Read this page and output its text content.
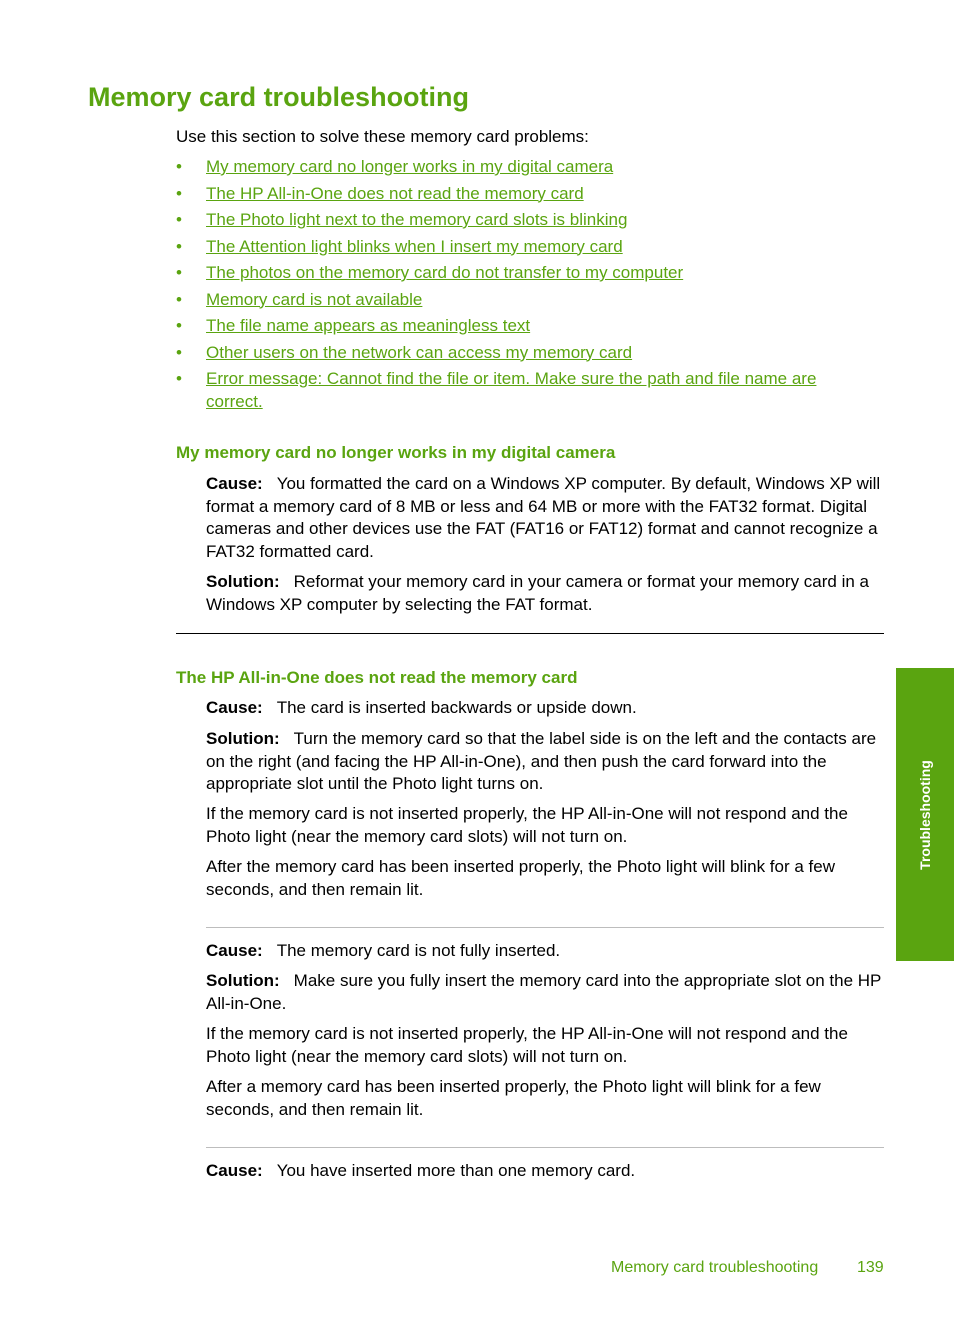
Memory card troubleshooting
Use this section to solve these memory card problems:
• My memory card no longer works in my digital camera
• The HP All-in-One does not read the memory card
• The Photo light next to the memory card slots is blinking
• The Attention light blinks when I insert my memory card
• The photos on the memory card do not transfer to my computer
• Memory card is not available
• The file name appears as meaningless text
• Other users on the network can access my memory card
• Error message: Cannot find the file or item. Make sure the path and file name are correct.
My memory card no longer works in my digital camera

Cause: You formatted the card on a Windows XP computer. By default, Windows XP will format a memory card of 8 MB or less and 64 MB or more with the FAT32 format. Digital cameras and other devices use the FAT (FAT16 or FAT12) format and cannot recognize a FAT32 formatted card.

Solution: Reformat your memory card in your camera or format your memory card in a Windows XP computer by selecting the FAT format.

The HP All-in-One does not read the memory card

Cause: The card is inserted backwards or upside down.

Solution: Turn the memory card so that the label side is on the left and the contacts are on the right (and facing the HP All-in-One), and then push the card forward into the appropriate slot until the Photo light turns on.

If the memory card is not inserted properly, the HP All-in-One will not respond and the Photo light (near the memory card slots) will not turn on.

After the memory card has been inserted properly, the Photo light will blink for a few seconds, and then remain lit.

Cause: The memory card is not fully inserted.

Solution: Make sure you fully insert the memory card into the appropriate slot on the HP All-in-One.

If the memory card is not inserted properly, the HP All-in-One will not respond and the Photo light (near the memory card slots) will not turn on.

After a memory card has been inserted properly, the Photo light will blink for a few seconds, and then remain lit.

Cause: You have inserted more than one memory card.

Troubleshooting
Memory card troubleshooting 139
